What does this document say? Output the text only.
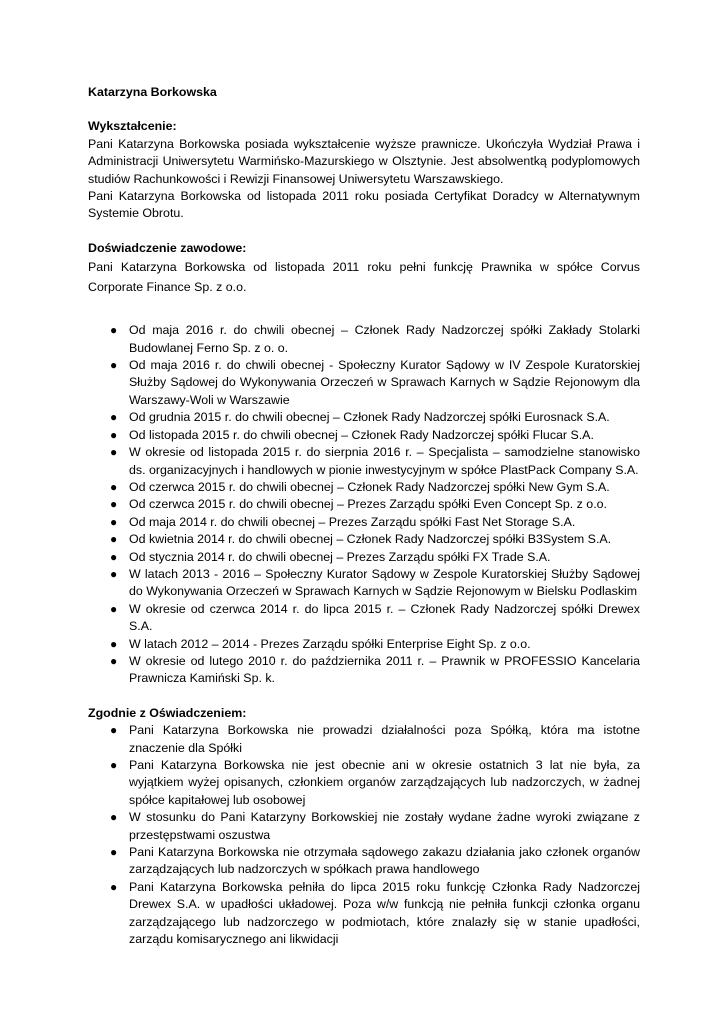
Katarzyna Borkowska

Wykształcenie:

Pani Katarzyna Borkowska posiada wykształcenie wyższe prawnicze. Ukończyła Wydział Prawa i Administracji Uniwersytetu Warmińsko-Mazurskiego w Olsztynie. Jest absolwentką podyplomowych studiów Rachunkowości i Rewizji Finansowej Uniwersytetu Warszawskiego.

Pani Katarzyna Borkowska od listopada 2011 roku posiada Certyfikat Doradcy w Alternatywnym Systemie Obrotu.

Doświadczenie zawodowe:

Pani Katarzyna Borkowska od listopada 2011 roku pełni funkcję Prawnika w spółce Corvus Corporate Finance Sp. z o.o.

● Od maja 2016 r. do chwili obecnej – Członek Rady Nadzorczej spółki Zakłady Stolarki Budowlanej Ferno Sp. z o. o.
● Od maja 2016 r. do chwili obecnej - Społeczny Kurator Sądowy w IV Zespole Kuratorskiej Służby Sądowej do Wykonywania Orzeczeń w Sprawach Karnych w Sądzie Rejonowym dla Warszawy-Woli w Warszawie
● Od grudnia 2015 r. do chwili obecnej – Członek Rady Nadzorczej spółki Eurosnack S.A.
● Od listopada 2015 r. do chwili obecnej – Członek Rady Nadzorczej spółki Flucar S.A.
● W okresie od listopada 2015 r. do sierpnia 2016 r. – Specjalista – samodzielne stanowisko ds. organizacyjnych i handlowych w pionie inwestycyjnym w spółce PlastPack Company S.A.
● Od czerwca 2015 r. do chwili obecnej – Członek Rady Nadzorczej spółki New Gym S.A.
● Od czerwca 2015 r. do chwili obecnej – Prezes Zarządu spółki Even Concept Sp. z o.o.
● Od maja 2014 r. do chwili obecnej – Prezes Zarządu spółki Fast Net Storage S.A.
● Od kwietnia 2014 r. do chwili obecnej – Członek Rady Nadzorczej spółki B3System S.A.
● Od stycznia 2014 r. do chwili obecnej – Prezes Zarządu spółki FX Trade S.A.
● W latach 2013 - 2016 – Społeczny Kurator Sądowy w Zespole Kuratorskiej Służby Sądowej do Wykonywania Orzeczeń w Sprawach Karnych w Sądzie Rejonowym w Bielsku Podlaskim
● W okresie od czerwca 2014 r. do lipca 2015 r. – Członek Rady Nadzorczej spółki Drewex S.A.
● W latach 2012 – 2014 - Prezes Zarządu spółki Enterprise Eight Sp. z o.o.
● W okresie od lutego 2010 r. do października 2011 r. – Prawnik w PROFESSIO Kancelaria Prawnicza Kamiński Sp. k.
Zgodnie z Oświadczeniem:
● Pani Katarzyna Borkowska nie prowadzi działalności poza Spółką, która ma istotne znaczenie dla Spółki
● Pani Katarzyna Borkowska nie jest obecnie ani w okresie ostatnich 3 lat nie była, za wyjątkiem wyżej opisanych, członkiem organów zarządzających lub nadzorczych, w żadnej spółce kapitałowej lub osobowej
● W stosunku do Pani Katarzyny Borkowskiej nie zostały wydane żadne wyroki związane z przestępstwami oszustwa
● Pani Katarzyna Borkowska nie otrzymała sądowego zakazu działania jako członek organów zarządzających lub nadzorczych w spółkach prawa handlowego
● Pani Katarzyna Borkowska pełniła do lipca 2015 roku funkcję Członka Rady Nadzorczej Drewex S.A. w upadłości układowej. Poza w/w funkcją nie pełniła funkcji członka organu zarządzającego lub nadzorczego w podmiotach, które znalazły się w stanie upadłości, zarządu komisarycznego ani likwidacji
